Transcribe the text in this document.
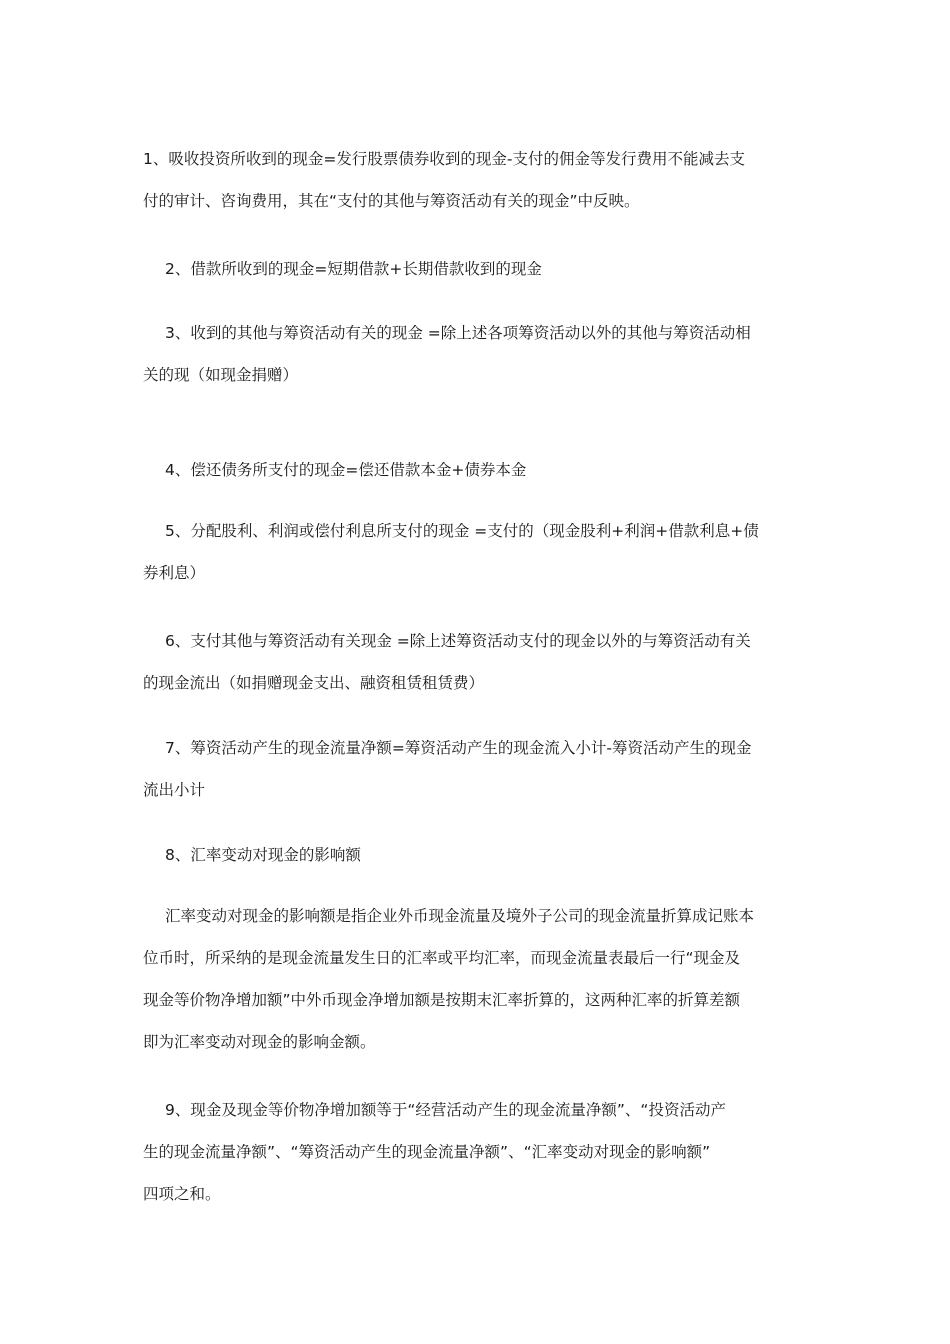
1、吸收投资所收到的现金=发行股票债券收到的现金-支付的佣金等发行费用不能减去支
付的审计、咨询费用，其在“支付的其他与筹资活动有关的现金”中反映。

2、借款所收到的现金=短期借款+长期借款收到的现金

3、收到的其他与筹资活动有关的现金 =除上述各项筹资活动以外的其他与筹资活动相
关的现（如现金捐赠）

4、偿还债务所支付的现金=偿还借款本金+债券本金

5、分配股利、利润或偿付利息所支付的现金 =支付的（现金股利+利润+借款利息+债
券利息）

6、支付其他与筹资活动有关现金 =除上述筹资活动支付的现金以外的与筹资活动有关
的现金流出（如捐赠现金支出、融资租赁租赁费）

7、筹资活动产生的现金流量净额=筹资活动产生的现金流入小计-筹资活动产生的现金
流出小计

8、汇率变动对现金的影响额

汇率变动对现金的影响额是指企业外币现金流量及境外子公司的现金流量折算成记账本
位币时，所采纳的是现金流量发生日的汇率或平均汇率，而现金流量表最后一行“现金及
现金等价物净增加额”中外币现金净增加额是按期末汇率折算的，这两种汇率的折算差额
即为汇率变动对现金的影响金额。

9、现金及现金等价物净增加额等于“经营活动产生的现金流量净额”、“投资活动产
生的现金流量净额”、“筹资活动产生的现金流量净额”、“汇率变动对现金的影响额”
四项之和。
